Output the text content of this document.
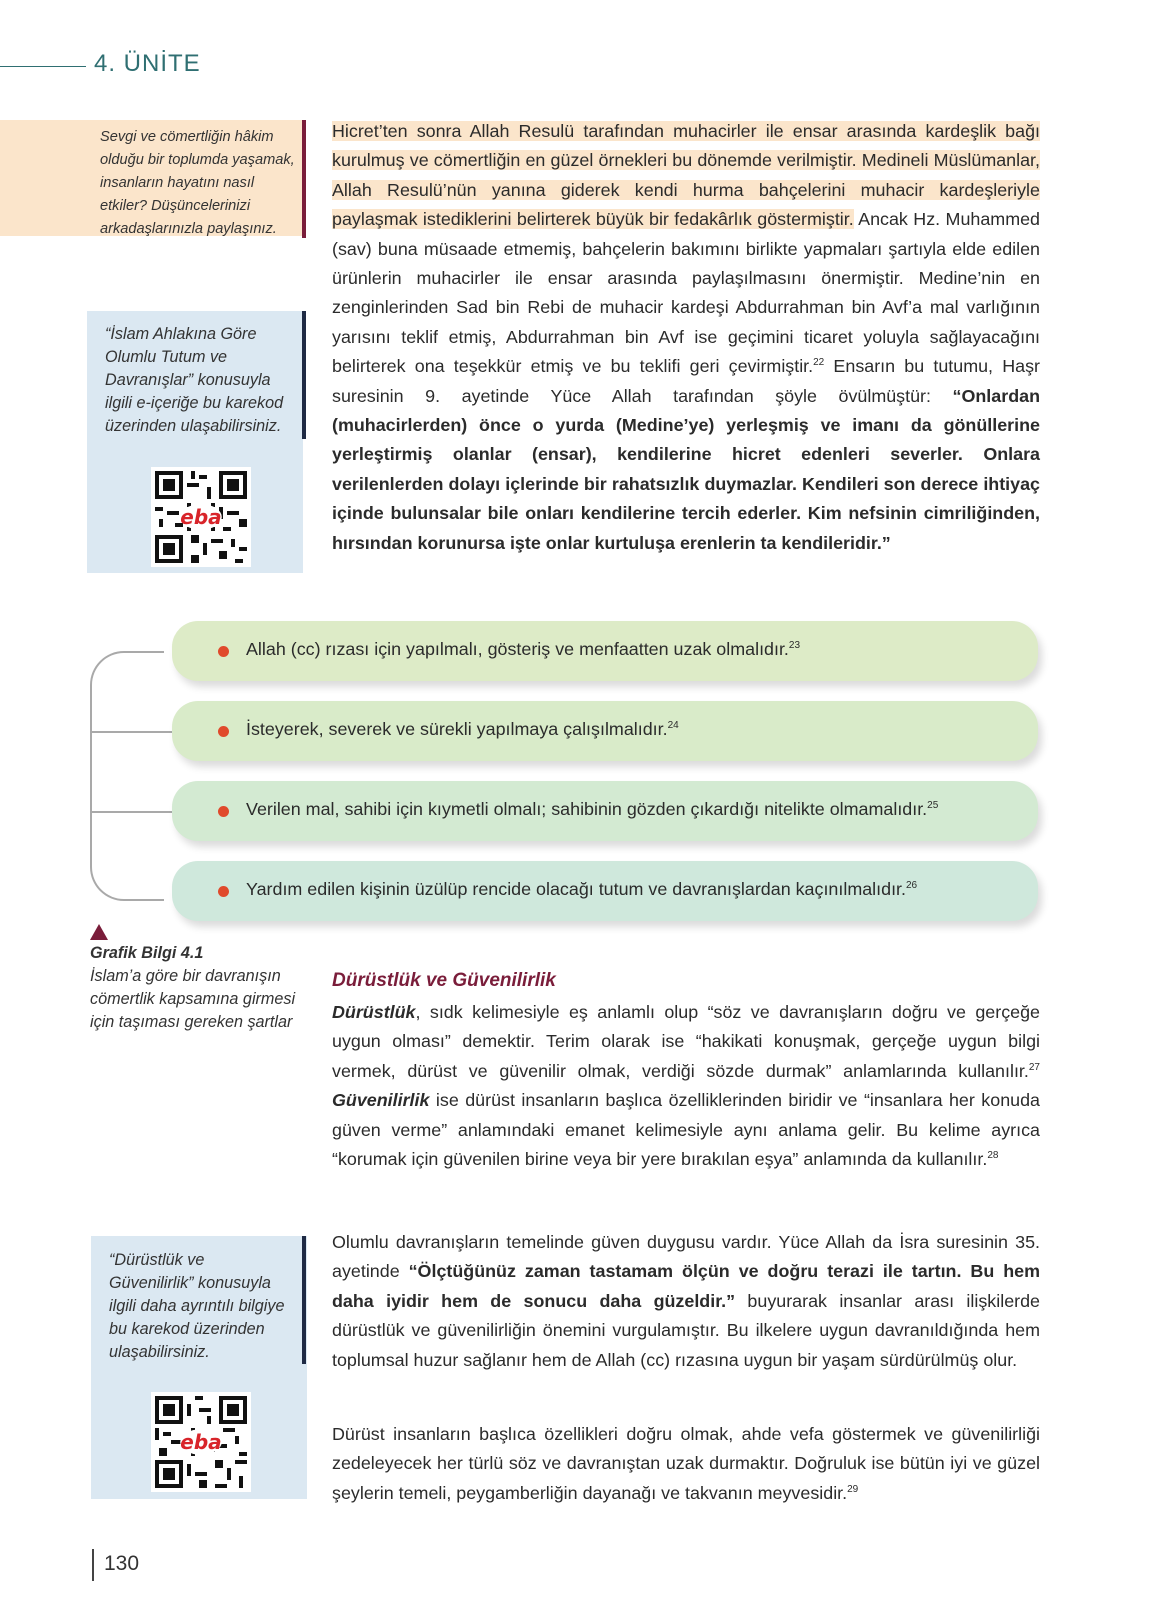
4. ÜNİTE
Sevgi ve cömertliğin hâkim olduğu bir toplumda yaşamak, insanların hayatını nasıl etkiler? Düşüncelerinizi arkadaşlarınızla paylaşınız.
“İslam Ahlakına Göre Olumlu Tutum ve Davranışlar” konusuyla ilgili e-içeriğe bu karekod üzerinden ulaşabilirsiniz.
eba
Hicret’ten sonra Allah Resulü tarafından muhacirler ile ensar arasında kardeşlik bağı kurulmuş ve cömertliğin en güzel örnekleri bu dönemde verilmiştir. Medineli Müslümanlar, Allah Resulü’nün yanına giderek kendi hurma bahçelerini muhacir kardeşleriyle paylaşmak istediklerini belirterek büyük bir fedakârlık göstermiştir. Ancak Hz. Muhammed (sav) buna müsaade etmemiş, bahçelerin bakımını birlikte yapmaları şartıyla elde edilen ürünlerin muhacirler ile ensar arasında paylaşılmasını önermiştir. Medine’nin en zenginlerinden Sad bin Rebi de muhacir kardeşi Abdurrahman bin Avf’a mal varlığının yarısını teklif etmiş, Abdurrahman bin Avf ise geçimini ticaret yoluyla sağlayacağını belirterek ona teşekkür etmiş ve bu teklifi geri çevirmiştir.$^{22}$ Ensarın bu tutumu, Haşr suresinin 9. ayetinde Yüce Allah tarafından şöyle övülmüştür: “Onlardan (muhacirlerden) önce o yurda (Medine’ye) yerleşmiş ve imanı da gönüllerine yerleştirmiş olanlar (ensar), kendilerine hicret edenleri severler. Onlara verilenlerden dolayı içlerinde bir rahatsızlık duymazlar. Kendileri son derece ihtiyaç içinde bulunsalar bile onları kendilerine tercih ederler. Kim nefsinin cimriliğinden, hırsından korunursa işte onlar kurtuluşa erenlerin ta kendileridir.”
Allah (cc) rızası için yapılmalı, gösteriş ve menfaatten uzak olmalıdır.$^{23}$
İsteyerek, severek ve sürekli yapılmaya çalışılmalıdır.$^{24}$
Verilen mal, sahibi için kıymetli olmalı; sahibinin gözden çıkardığı nitelikte olmamalıdır.$^{25}$
Yardım edilen kişinin üzülüp rencide olacağı tutum ve davranışlardan kaçınılmalıdır.$^{26}$
Grafik Bilgi 4.1
İslam’a göre bir davranışın cömertlik kapsamına girmesi için taşıması gereken şartlar
Dürüstlük ve Güvenilirlik
Dürüstlük, sıdk kelimesiyle eş anlamlı olup “söz ve davranışların doğru ve gerçeğe uygun olması” demektir. Terim olarak ise “hakikati konuşmak, gerçeğe uygun bilgi vermek, dürüst ve güvenilir olmak, verdiği sözde durmak” anlamlarında kullanılır.$^{27}$ Güvenilirlik ise dürüst insanların başlıca özelliklerinden biridir ve “insanlara her konuda güven verme” anlamındaki emanet kelimesiyle aynı anlama gelir. Bu kelime ayrıca “korumak için güvenilen birine veya bir yere bırakılan eşya” anlamında da kullanılır.$^{28}$
Olumlu davranışların temelinde güven duygusu vardır. Yüce Allah da İsra suresinin 35. ayetinde “Ölçtüğünüz zaman tastamam ölçün ve doğru terazi ile tartın. Bu hem daha iyidir hem de sonucu daha güzeldir.” buyurarak insanlar arası ilişkilerde dürüstlük ve güvenilirliğin önemini vurgulamıştır. Bu ilkelere uygun davranıldığında hem toplumsal huzur sağlanır hem de Allah (cc) rızasına uygun bir yaşam sürdürülmüş olur.
Dürüst insanların başlıca özellikleri doğru olmak, ahde vefa göstermek ve güvenilirliği zedeleyecek her türlü söz ve davranıştan uzak durmaktır. Doğruluk ise bütün iyi ve güzel şeylerin temeli, peygamberliğin dayanağı ve takvanın meyvesidir.$^{29}$
“Dürüstlük ve Güvenilirlik” konusuyla ilgili daha ayrıntılı bilgiye bu karekod üzerinden ulaşabilirsiniz.
eba
130
